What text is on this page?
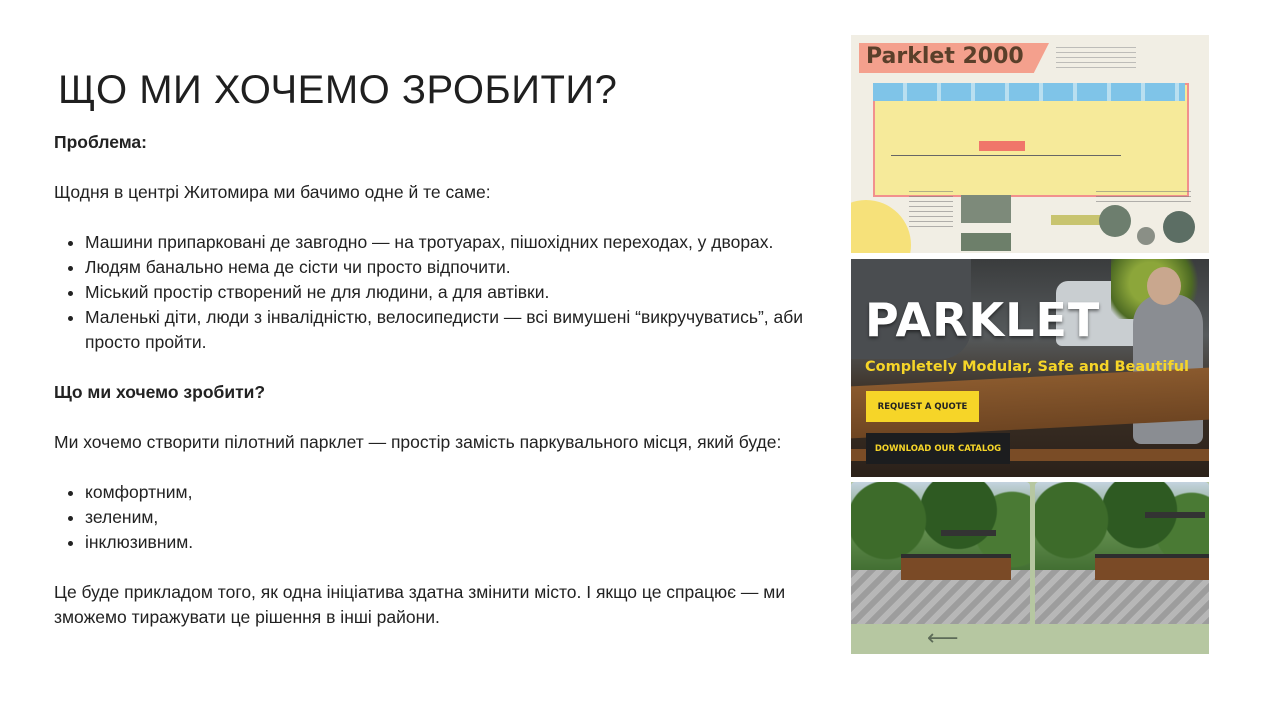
ЩО МИ ХОЧЕМО ЗРОБИТИ?

Проблема:

Щодня в центрі Житомира ми бачимо одне й те саме:

• Машини припарковані де завгодно — на тротуарах, пішохідних переходах, у дворах.
• Людям банально нема де сісти чи просто відпочити.
• Міський простір створений не для людини, а для автівки.
• Маленькі діти, люди з інвалідністю, велосипедисти — всі вимушені “викручуватись”, аби просто пройти.

Що ми хочемо зробити?

Ми хочемо створити пілотний парклет — простір замість паркувального місця, який буде:

• комфортним,
• зеленим,
• інклюзивним.

Це буде прикладом того, як одна ініціатива здатна змінити місто. І якщо це спрацює — ми зможемо тиражувати це рішення в інші райони.

Parklet 2000
PARKLET
Completely Modular, Safe and Beautiful
REQUEST A QUOTE
DOWNLOAD OUR CATALOG
⟵
